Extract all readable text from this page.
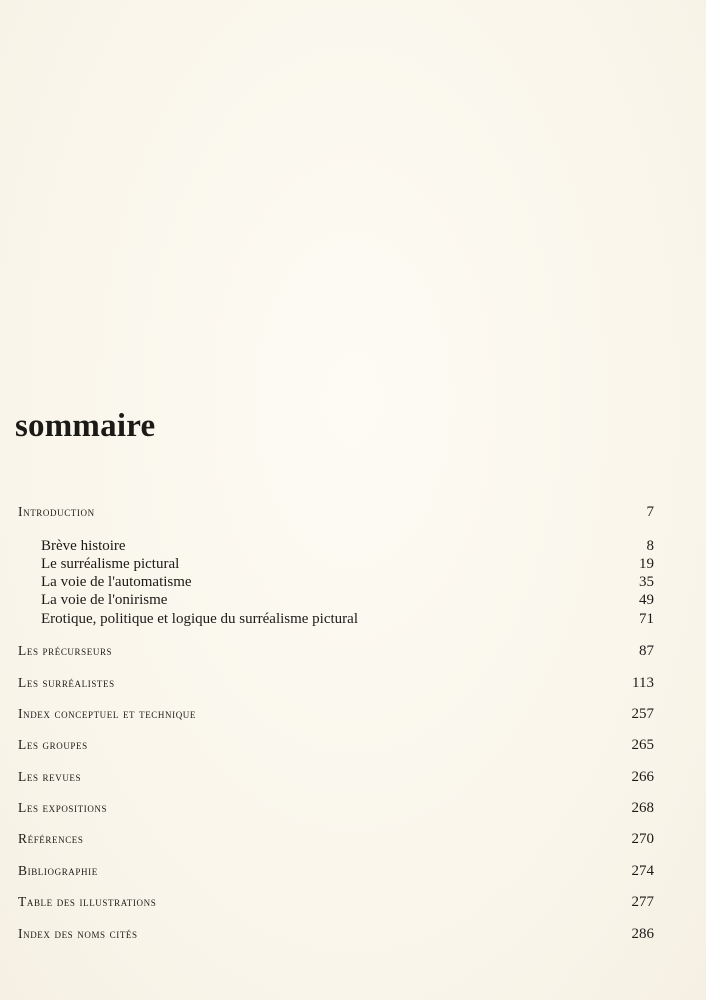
sommaire
Introduction	7
Brève histoire	8
Le surréalisme pictural	19
La voie de l'automatisme	35
La voie de l'onirisme	49
Erotique, politique et logique du surréalisme pictural	71
Les précurseurs	87
Les surréalistes	113
Index conceptuel et technique	257
Les groupes	265
Les revues	266
Les expositions	268
Références	270
Bibliographie	274
Table des illustrations	277
Index des noms cités	286
